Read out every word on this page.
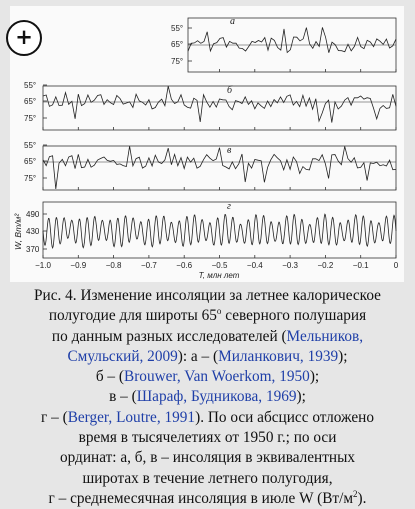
а
55°
65°
75°
б
55°
65°
75°
в
55°
65°
75°
г
490
430
370
W, Вт/м²
T, млн лет
−1.0 −0.9 −0.8 −0.7 −0.6 −0.5 −0.4 −0.3 −0.2 −0.1	0
+
Рис. 4. Изменение инсоляции за летнее калорическое
полугодие для широты $65^о$ северного полушария
по данным разных исследователей (Мельников,
Смульский, 2009): а – (Миланкович, 1939);
б – (Brouwer, Van Woerkom, 1950);
в – (Шараф, Будникова, 1969);
г – (Berger, Loutre, 1991). По оси абсцисс отложено
время в тысячелетиях от 1950 г.; по оси
ординат: а, б, в – инсоляция в эквивалентных
широтах в течение летнего полугодия,
г – среднемесячная инсоляция в июле W $(Вт/м^2)$.
